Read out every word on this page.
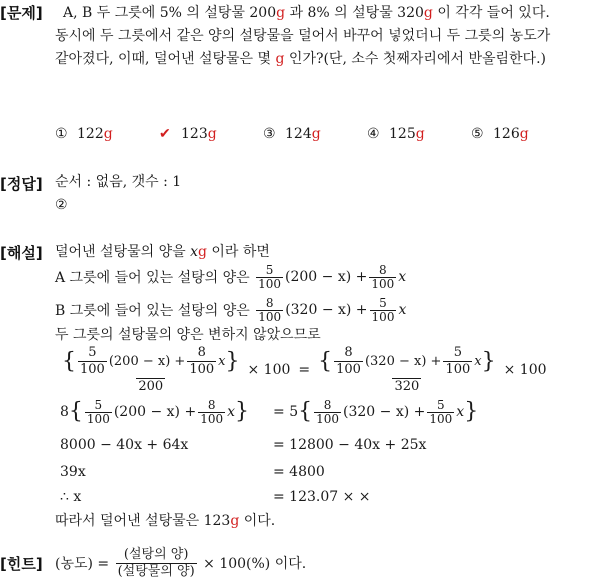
[문제]
[정답]
[해설]
[힌트]
A, B 두 그릇에 5% 의 설탕물 200g 과 8% 의 설탕물 320g 이 각각 들어 있다.
동시에 두 그릇에서 같은 양의 설탕물을 덜어서 바꾸어 넣었더니 두 그릇의 농도가
같아졌다, 이때, 덜어낸 설탕물은 몇 g 인가?(단, 소수 첫째자리에서 반올림한다.)
① 122 g	✔ 123 g	③ 124 g	④ 125 g	⑤ 126 g
순서 : 없음, 갯수 : 1
②
덜어낸 설탕물의 양을 xg 이라 하면
A 그릇에 들어 있는 설탕의 양은
$\frac{5}{100} (200 - x) + \frac{8}{100}$ x
B 그릇에 들어 있는 설탕의 양은
$\frac{8}{100} (320 - x) + \frac{5}{100}$ x
두 그릇의 설탕물의 양은 변하지 않았으므로
$\frac{\{ \frac{5}{100} (200 - x) + \frac{8}{100} x \}}{200} \times 100 = \frac{\{ \frac{8}{100} (320 - x) + \frac{5}{100} x \}}{320} \times 100$
8 { $\frac{5}{100} (200 - x) + \frac{8}{100}$ x } =
5 { $\frac{8}{100} (320 - x) + \frac{5}{100}$ x }
8000 − 40x + 64x	= 12800 − 40x + 25x
39x	= 4800
∴ x	= 123.07 × ×
따라서 덜어낸 설탕물은 123g 이다.
(농도) =
$\frac{\text{(설탕의 양)}}{\text{(설탕물의 양)}}$
× 100(%) 이다.
